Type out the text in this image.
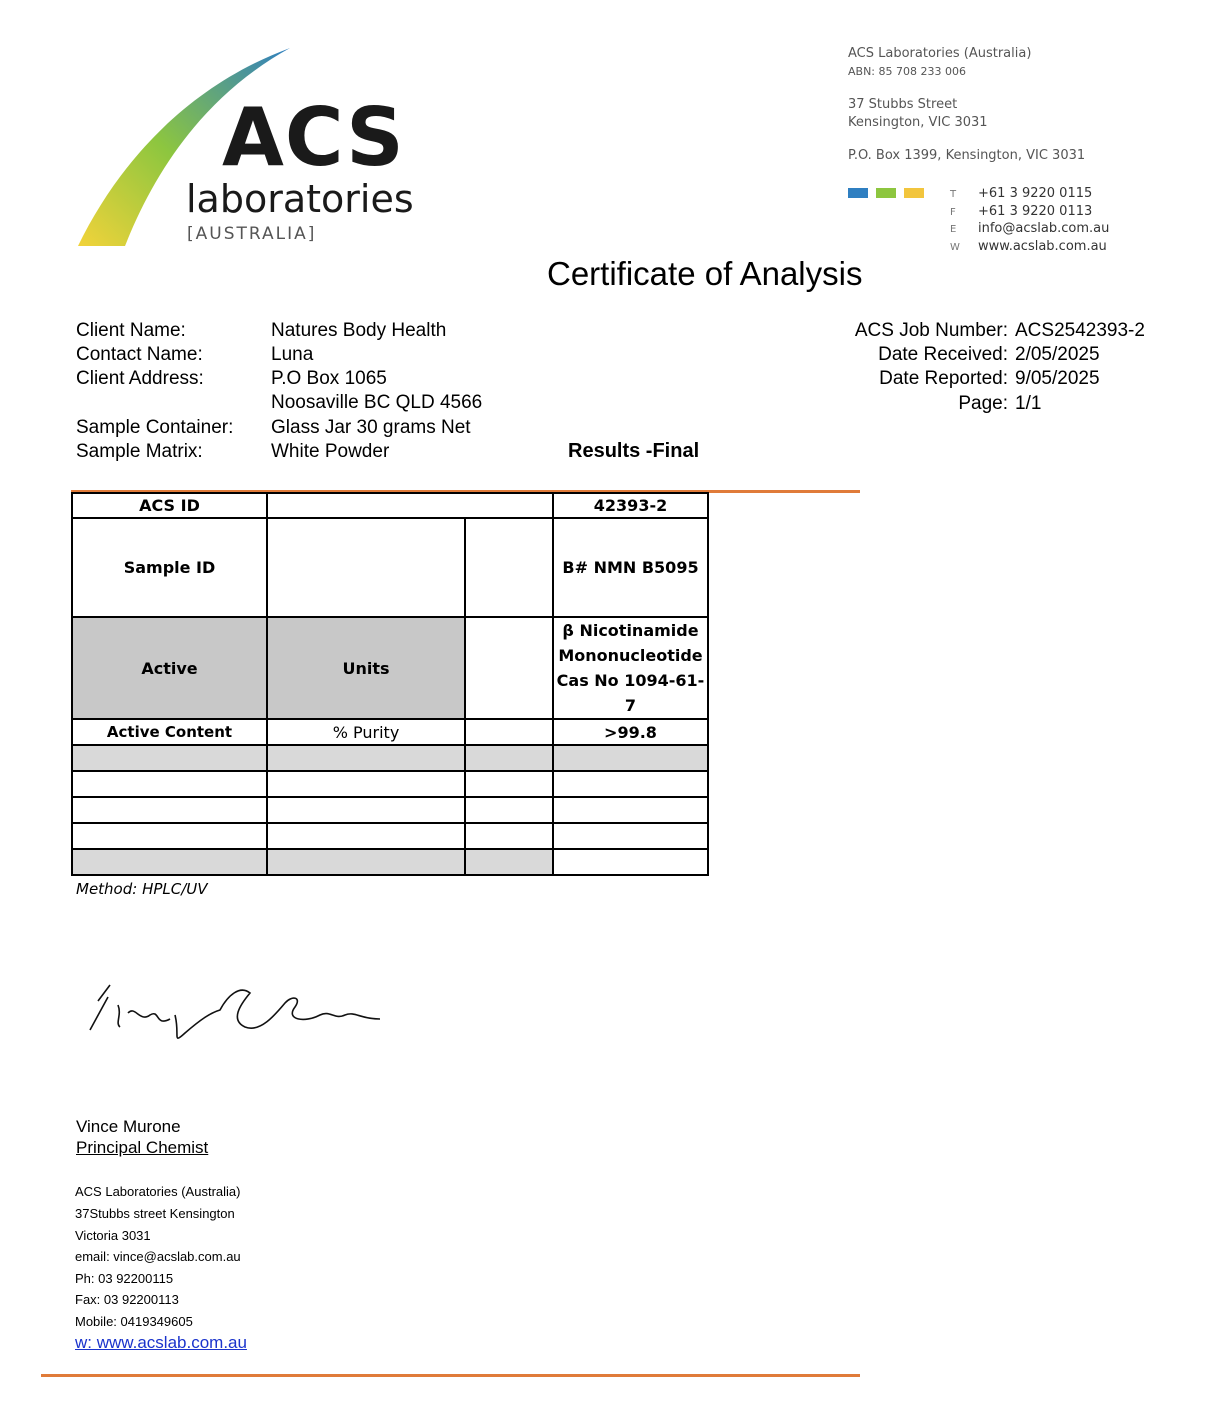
ACS
laboratories
[AUSTRALIA]
ACS Laboratories (Australia)
ABN: 85 708 233 006
37 Stubbs Street
Kensington, VIC 3031
P.O. Box 1399, Kensington, VIC 3031
T +61 3 9220 0115
F +61 3 9220 0113
E info@acslab.com.au
W www.acslab.com.au
Certificate of Analysis
Client Name:	Natures Body Health
Contact Name:	Luna
Client Address:	P.O Box 1065
Noosaville BC QLD 4566
Sample Container: Glass Jar 30 grams Net
Sample Matrix:	White Powder
ACS Job Number: ACS2542393-2
Date Received: 2/05/2025
Date Reported: 9/05/2025
Page: 1/1
Results -Final
ACS ID			42393-2
Sample ID			B# NMN B5095
Active	Units		β Nicotinamide
Mononucleotide
Cas No 1094-61-7

Active Content	% Purity		>99.8

Method: HPLC/UV
Vince Murone
Principal Chemist
ACS Laboratories (Australia)
37Stubbs street Kensington
Victoria 3031
email: vince@acslab.com.au
Ph: 03 92200115
Fax: 03 92200113
Mobile: 0419349605
w: www.acslab.com.au
